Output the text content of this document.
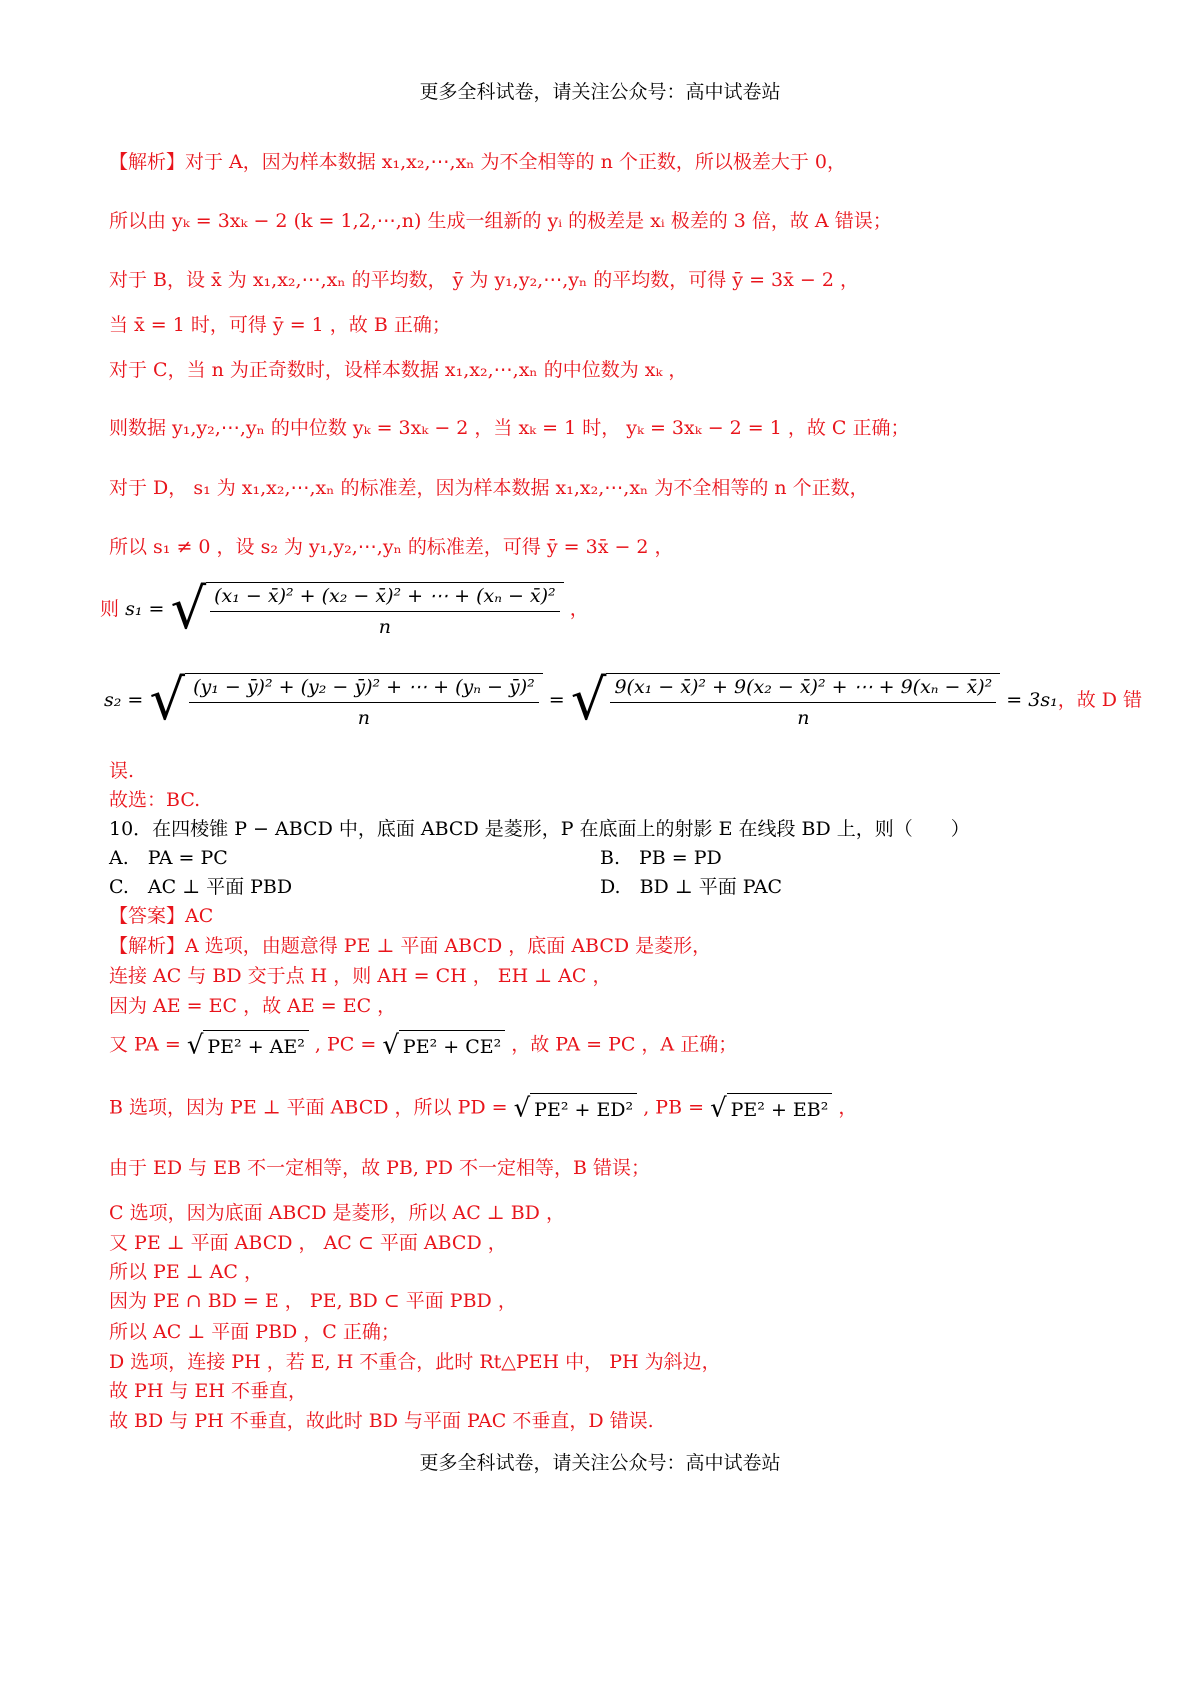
更多全科试卷，请关注公众号：高中试卷站
【解析】对于 A，因为样本数据 x₁,x₂,⋯,xₙ 为不全相等的 n 个正数，所以极差大于 0，
所以由 yₖ = 3xₖ − 2 (k = 1,2,⋯,n) 生成一组新的 yᵢ 的极差是 xᵢ 极差的 3 倍，故 A 错误；
对于 B，设 x̄ 为 x₁,x₂,⋯,xₙ 的平均数， ȳ 为 y₁,y₂,⋯,yₙ 的平均数，可得 ȳ = 3x̄ − 2 ，
当 x̄ = 1 时，可得 ȳ = 1 ，故 B 正确；
对于 C，当 n 为正奇数时，设样本数据 x₁,x₂,⋯,xₙ 的中位数为 xₖ ，
则数据 y₁,y₂,⋯,yₙ 的中位数 yₖ = 3xₖ − 2 ，当 xₖ = 1 时， yₖ = 3xₖ − 2 = 1 ，故 C 正确；
对于 D， s₁ 为 x₁,x₂,⋯,xₙ 的标准差，因为样本数据 x₁,x₂,⋯,xₙ 为不全相等的 n 个正数，
所以 s₁ ≠ 0 ，设 s₂ 为 y₁,y₂,⋯,yₙ 的标准差，可得 ȳ = 3x̄ − 2 ，
则 s₁ = √ $\frac{\text{(x₁ − x̄)² + (x₂ − x̄)² + ⋯ + (xₙ − x̄)²}}{n}$ ，
s₂ = √ $\frac{\text{(y₁ − ȳ)² + (y₂ − ȳ)² + ⋯ + (yₙ − ȳ)²}}{n}$ = √ $\frac{\text{9(x₁ − x̄)² + 9(x₂ − x̄)² + ⋯ + 9(xₙ − x̄)²}}{n} = 3s_1$，故 D 错
误.
故选：BC.
10．在四棱锥 P − ABCD 中，底面 ABCD 是菱形，P 在底面上的射影 E 在线段 BD 上，则（　　）
A.　PA = PC	B.　PB = PD
C.　AC ⊥ 平面 PBD	D.　BD ⊥ 平面 PAC
【答案】AC
【解析】A 选项，由题意得 PE ⊥ 平面 ABCD ，底面 ABCD 是菱形，
连接 AC 与 BD 交于点 H ，则 AH = CH ， EH ⊥ AC ，
因为 AE = EC ，故 AE = EC ，
又 PA = √ PE² + AE² , PC = √ PE² + CE² ，故 PA = PC ，A 正确；
B 选项，因为 PE ⊥ 平面 ABCD ，所以 PD = √ PE² + ED² , PB = √ PE² + EB² ，
由于 ED 与 EB 不一定相等，故 PB, PD 不一定相等，B 错误；
C 选项，因为底面 ABCD 是菱形，所以 AC ⊥ BD ，
又 PE ⊥ 平面 ABCD ， AC ⊂ 平面 ABCD ，
所以 PE ⊥ AC ，
因为 PE ∩ BD = E ， PE, BD ⊂ 平面 PBD ，
所以 AC ⊥ 平面 PBD ，C 正确；
D 选项，连接 PH ，若 E, H 不重合，此时 Rt△PEH 中， PH 为斜边，
故 PH 与 EH 不垂直，
故 BD 与 PH 不垂直，故此时 BD 与平面 PAC 不垂直，D 错误.
更多全科试卷，请关注公众号：高中试卷站
